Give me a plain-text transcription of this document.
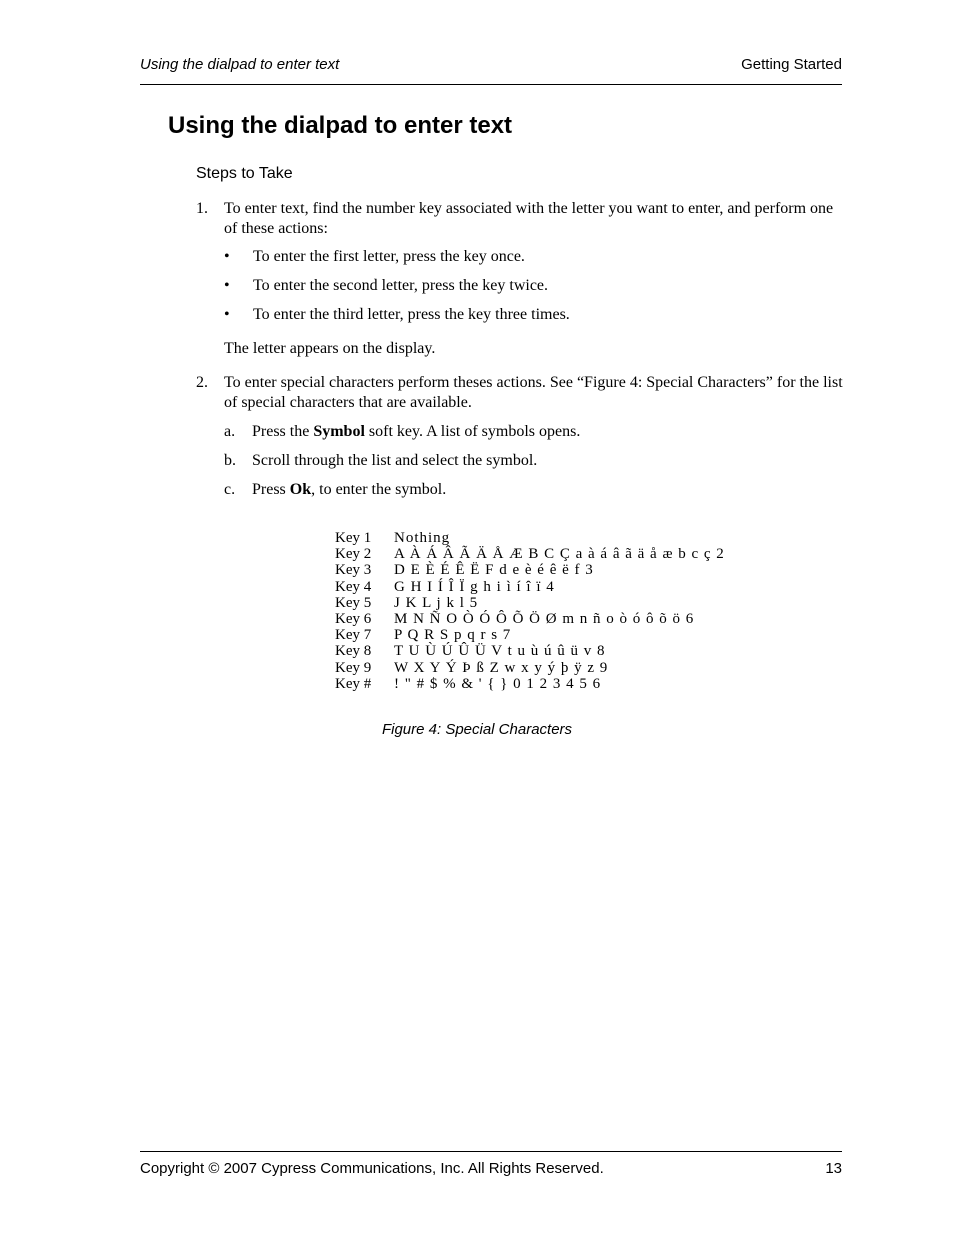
Using the dialpad to enter text	Getting Started
Using the dialpad to enter text
Steps to Take
1. To enter text, find the number key associated with the letter you want to enter, and perform one of these actions:
• To enter the first letter, press the key once.
• To enter the second letter, press the key twice.
• To enter the third letter, press the key three times.
The letter appears on the display.
2. To enter special characters perform theses actions. See “Figure 4: Special Characters” for the list of special characters that are available.
a. Press the Symbol soft key. A list of symbols opens.
b. Scroll through the list and select the symbol.
c. Press Ok, to enter the symbol.
Key 1 Nothing
Key 2 A À Á Â Ã Ä Å Æ B C Ç a à á â ã ä å æ b c ç 2
Key 3 D E È É Ê Ë F d e è é ê ë f 3
Key 4 G H I Í Î Ï g h i ì í î ï 4
Key 5 J K L j k l 5
Key 6 M N Ñ O Ò Ó Ô Õ Ö Ø m n ñ o ò ó ô õ ö 6
Key 7 P Q R S p q r s 7
Key 8 T U Ù Ú Û Ü V t u ù ú û ü v 8
Key 9 W X Y Ý Þ ß Z w x y ý þ ÿ z 9
Key # ! " # $ % & ' { } 0 1 2 3 4 5 6
Figure 4: Special Characters
Copyright © 2007 Cypress Communications, Inc. All Rights Reserved.	13
